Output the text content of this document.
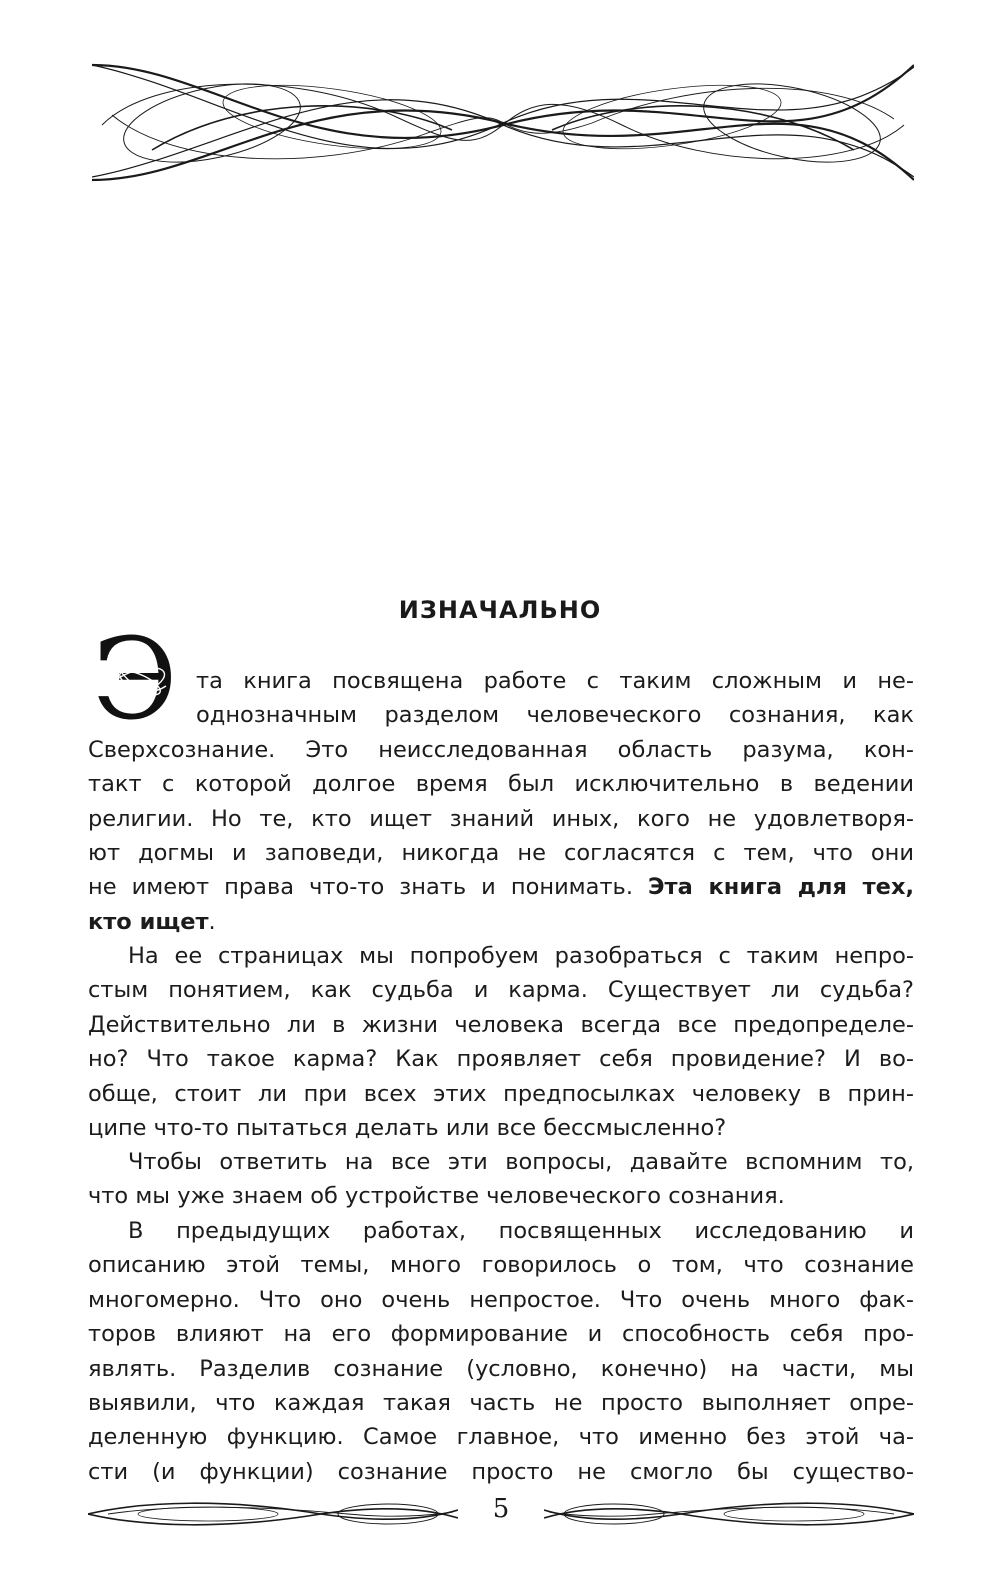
ИЗНАЧАЛЬНО
Э та книга посвящена работе с таким сложным и не-
однозначным разделом человеческого сознания, как
Сверхсознание. Это неисследованная область разума, кон-
такт с которой долгое время был исключительно в ведении
религии. Но те, кто ищет знаний иных, кого не удовлетворя-
ют догмы и заповеди, никогда не согласятся с тем, что они
не имеют права что-то знать и понимать. Эта книга для тех,
кто ищет.
На ее страницах мы попробуем разобраться с таким непро-
стым понятием, как судьба и карма. Существует ли судьба?
Действительно ли в жизни человека всегда все предопределе-
но? Что такое карма? Как проявляет себя провидение? И во-
обще, стоит ли при всех этих предпосылках человеку в прин-
ципе что-то пытаться делать или все бессмысленно?
Чтобы ответить на все эти вопросы, давайте вспомним то,
что мы уже знаем об устройстве человеческого сознания.
В предыдущих работах, посвященных исследованию и
описанию этой темы, много говорилось о том, что сознание
многомерно. Что оно очень непростое. Что очень много фак-
торов влияют на его формирование и способность себя про-
являть. Разделив сознание (условно, конечно) на части, мы
выявили, что каждая такая часть не просто выполняет опре-
деленную функцию. Самое главное, что именно без этой ча-
сти (и функции) сознание просто не смогло бы существо-
5
